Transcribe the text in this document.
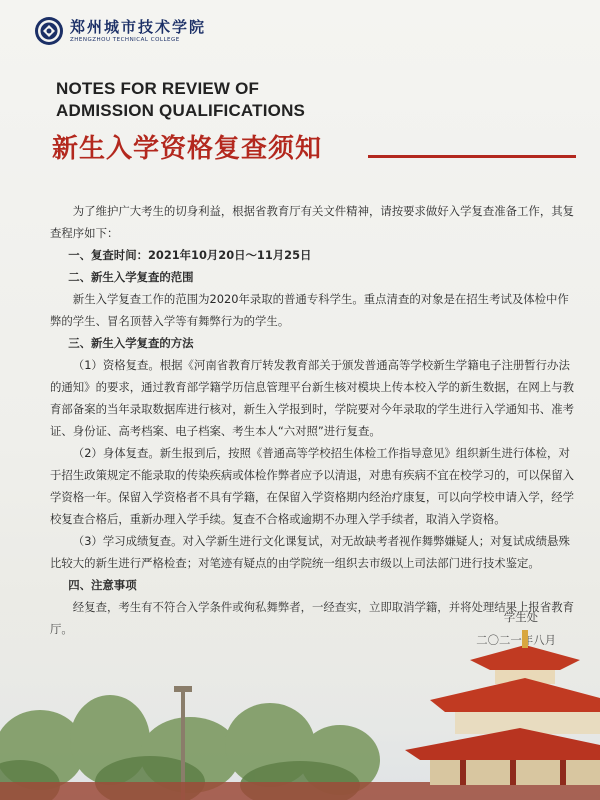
郑州城市技术学院
ZHENGZHOU TECHNICAL COLLEGE
NOTES FOR REVIEW OF
ADMISSION QUALIFICATIONS
新生入学资格复查须知

为了维护广大考生的切身利益，根据省教育厅有关文件精神，请按要求做好入学复查准备工作，其复查程序如下：

一、复查时间：2021年10月20日～11月25日

二、新生入学复查的范围

新生入学复查工作的范围为2020年录取的普通专科学生。重点清查的对象是在招生考试及体检中作弊的学生、冒名顶替入学等有舞弊行为的学生。

三、新生入学复查的方法

（1）资格复查。根据《河南省教育厅转发教育部关于颁发普通高等学校新生学籍电子注册暂行办法的通知》的要求，通过教育部学籍学历信息管理平台新生核对模块上传本校入学的新生数据，在网上与教育部备案的当年录取数据库进行核对，新生入学报到时，学院要对今年录取的学生进行入学通知书、准考证、身份证、高考档案、电子档案、考生本人“六对照”进行复查。

（2）身体复查。新生报到后，按照《普通高等学校招生体检工作指导意见》组织新生进行体检，对于招生政策规定不能录取的传染疾病或体检作弊者应予以清退，对患有疾病不宜在校学习的，可以保留入学资格一年。保留入学资格者不具有学籍，在保留入学资格期内经治疗康复，可以向学校申请入学，经学校复查合格后，重新办理入学手续。复查不合格或逾期不办理入学手续者，取消入学资格。

（3）学习成绩复查。对入学新生进行文化课复试，对无故缺考者视作舞弊嫌疑人；对复试成绩悬殊比较大的新生进行严格检查；对笔迹有疑点的由学院统一组织去市级以上司法部门进行技术鉴定。

四、注意事项
